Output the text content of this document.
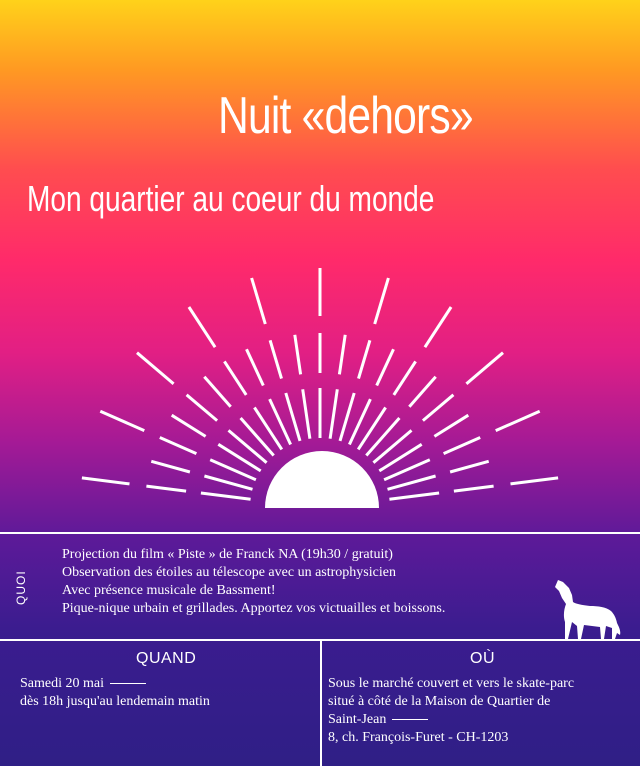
Nuit «dehors»
Mon quartier au coeur du monde
QUOI
Projection du film « Piste » de Franck NA (19h30 / gratuit)
Observation des étoiles au télescope avec un astrophysicien
Avec présence musicale de Bassment!
Pique-nique urbain et grillades. Apportez vos victuailles et boissons.
QUAND
Samedi 20 mai
dès 18h jusqu'au lendemain matin
OÙ
Sous le marché couvert et vers le skate-parc
situé à côté de la Maison de Quartier de
Saint-Jean
8, ch. François-Furet - CH-1203
